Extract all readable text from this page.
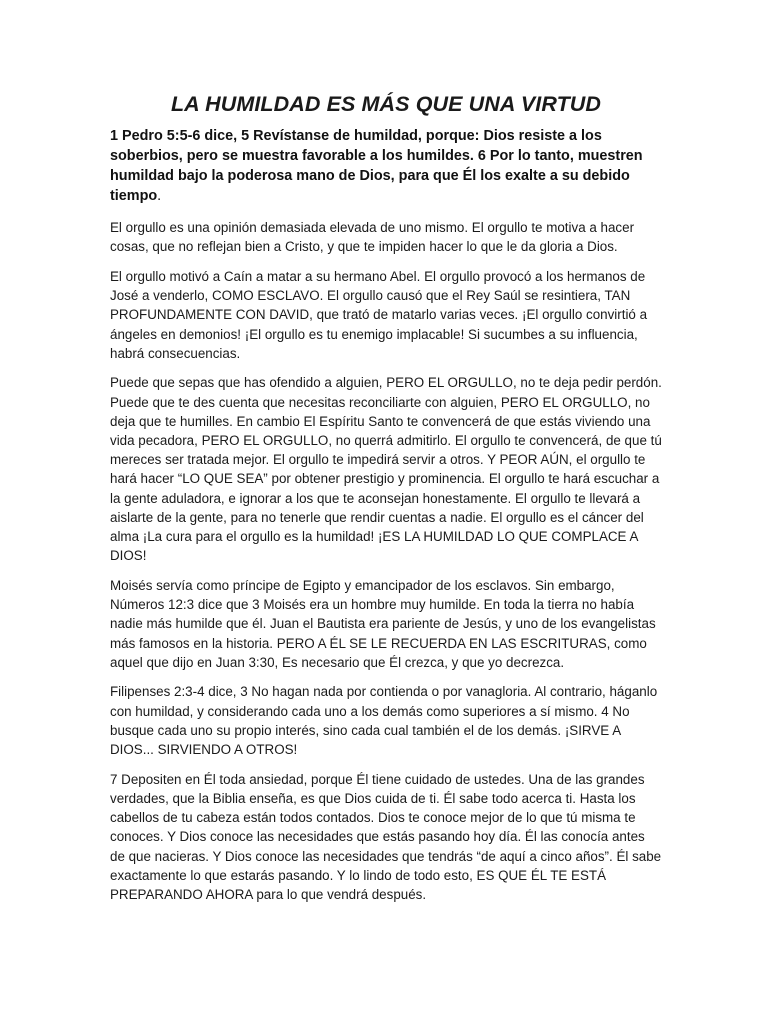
LA HUMILDAD ES MÁS QUE UNA VIRTUD

1 Pedro 5:5-6 dice, 5 Revístanse de humildad, porque: Dios resiste a los soberbios, pero se muestra favorable a los humildes. 6 Por lo tanto, muestren humildad bajo la poderosa mano de Dios, para que Él los exalte a su debido tiempo.

El orgullo es una opinión demasiada elevada de uno mismo. El orgullo te motiva a hacer cosas, que no reflejan bien a Cristo, y que te impiden hacer lo que le da gloria a Dios.

El orgullo motivó a Caín a matar a su hermano Abel. El orgullo provocó a los hermanos de José a venderlo, COMO ESCLAVO. El orgullo causó que el Rey Saúl se resintiera, TAN PROFUNDAMENTE CON DAVID, que trató de matarlo varias veces. ¡El orgullo convirtió a ángeles en demonios! ¡El orgullo es tu enemigo implacable! Si sucumbes a su influencia, habrá consecuencias.

Puede que sepas que has ofendido a alguien, PERO EL ORGULLO, no te deja pedir perdón. Puede que te des cuenta que necesitas reconciliarte con alguien, PERO EL ORGULLO, no deja que te humilles. En cambio El Espíritu Santo te convencerá de que estás viviendo una vida pecadora, PERO EL ORGULLO, no querrá admitirlo. El orgullo te convencerá, de que tú mereces ser tratada mejor. El orgullo te impedirá servir a otros. Y PEOR AÚN, el orgullo te hará hacer “LO QUE SEA” por obtener prestigio y prominencia. El orgullo te hará escuchar a la gente aduladora, e ignorar a los que te aconsejan honestamente. El orgullo te llevará a aislarte de la gente, para no tenerle que rendir cuentas a nadie. El orgullo es el cáncer del alma ¡La cura para el orgullo es la humildad! ¡ES LA HUMILDAD LO QUE COMPLACE A DIOS!

Moisés servía como príncipe de Egipto y emancipador de los esclavos. Sin embargo, Números 12:3 dice que 3 Moisés era un hombre muy humilde. En toda la tierra no había nadie más humilde que él. Juan el Bautista era pariente de Jesús, y uno de los evangelistas más famosos en la historia. PERO A ÉL SE LE RECUERDA EN LAS ESCRITURAS, como aquel que dijo en Juan 3:30, Es necesario que Él crezca, y que yo decrezca.

Filipenses 2:3-4 dice, 3 No hagan nada por contienda o por vanagloria. Al contrario, háganlo con humildad, y considerando cada uno a los demás como superiores a sí mismo. 4 No busque cada uno su propio interés, sino cada cual también el de los demás. ¡SIRVE A DIOS... SIRVIENDO A OTROS!

7 Depositen en Él toda ansiedad, porque Él tiene cuidado de ustedes. Una de las grandes verdades, que la Biblia enseña, es que Dios cuida de ti. Él sabe todo acerca ti. Hasta los cabellos de tu cabeza están todos contados. Dios te conoce mejor de lo que tú misma te conoces. Y Dios conoce las necesidades que estás pasando hoy día. Él las conocía antes de que nacieras. Y Dios conoce las necesidades que tendrás “de aquí a cinco años”. Él sabe exactamente lo que estarás pasando. Y lo lindo de todo esto, ES QUE ÉL TE ESTÁ PREPARANDO AHORA para lo que vendrá después.
